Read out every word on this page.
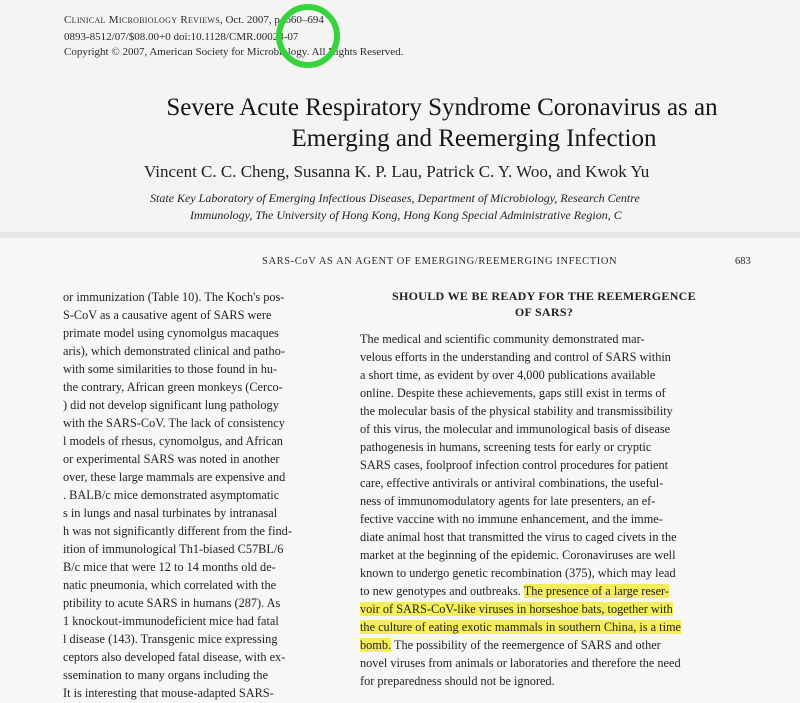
Clinical Microbiology Reviews, Oct. 2007, p. 660–694
0893-8512/07/$08.00+0 doi:10.1128/CMR.00023-07
Copyright © 2007, American Society for Microbiology. All Rights Reserved.
Severe Acute Respiratory Syndrome Coronavirus as an
Emerging and Reemerging Infection
Vincent C. C. Cheng, Susanna K. P. Lau, Patrick C. Y. Woo, and Kwok Yu
State Key Laboratory of Emerging Infectious Diseases, Department of Microbiology, Research Centre
Immunology, The University of Hong Kong, Hong Kong Special Administrative Region, C
SARS-CoV AS AN AGENT OF EMERGING/REEMERGING INFECTION	683
or immunization (Table 10). The Koch's pos-
S-CoV as a causative agent of SARS were
primate model using cynomolgus macaques
aris), which demonstrated clinical and patho-
with some similarities to those found in hu-
the contrary, African green monkeys (Cerco-
) did not develop significant lung pathology
with the SARS-CoV. The lack of consistency
l models of rhesus, cynomolgus, and African
or experimental SARS was noted in another
over, these large mammals are expensive and
. BALB/c mice demonstrated asymptomatic
s in lungs and nasal turbinates by intranasal
h was not significantly different from the find-
ition of immunological Th1-biased C57BL/6
B/c mice that were 12 to 14 months old de-
natic pneumonia, which correlated with the
ptibility to acute SARS in humans (287). As
1 knockout-immunodeficient mice had fatal
l disease (143). Transgenic mice expressing
ceptors also developed fatal disease, with ex-
ssemination to many organs including the
It is interesting that mouse-adapted SARS-
SHOULD WE BE READY FOR THE REEMERGENCE
OF SARS?
The medical and scientific community demonstrated mar-
velous efforts in the understanding and control of SARS within
a short time, as evident by over 4,000 publications available
online. Despite these achievements, gaps still exist in terms of
the molecular basis of the physical stability and transmissibility
of this virus, the molecular and immunological basis of disease
pathogenesis in humans, screening tests for early or cryptic
SARS cases, foolproof infection control procedures for patient
care, effective antivirals or antiviral combinations, the useful-
ness of immunomodulatory agents for late presenters, an ef-
fective vaccine with no immune enhancement, and the imme-
diate animal host that transmitted the virus to caged civets in the
market at the beginning of the epidemic. Coronaviruses are well
known to undergo genetic recombination (375), which may lead
to new genotypes and outbreaks. The presence of a large reser-
voir of SARS-CoV-like viruses in horseshoe bats, together with
the culture of eating exotic mammals in southern China, is a time
bomb. The possibility of the reemergence of SARS and other
novel viruses from animals or laboratories and therefore the need
for preparedness should not be ignored.
